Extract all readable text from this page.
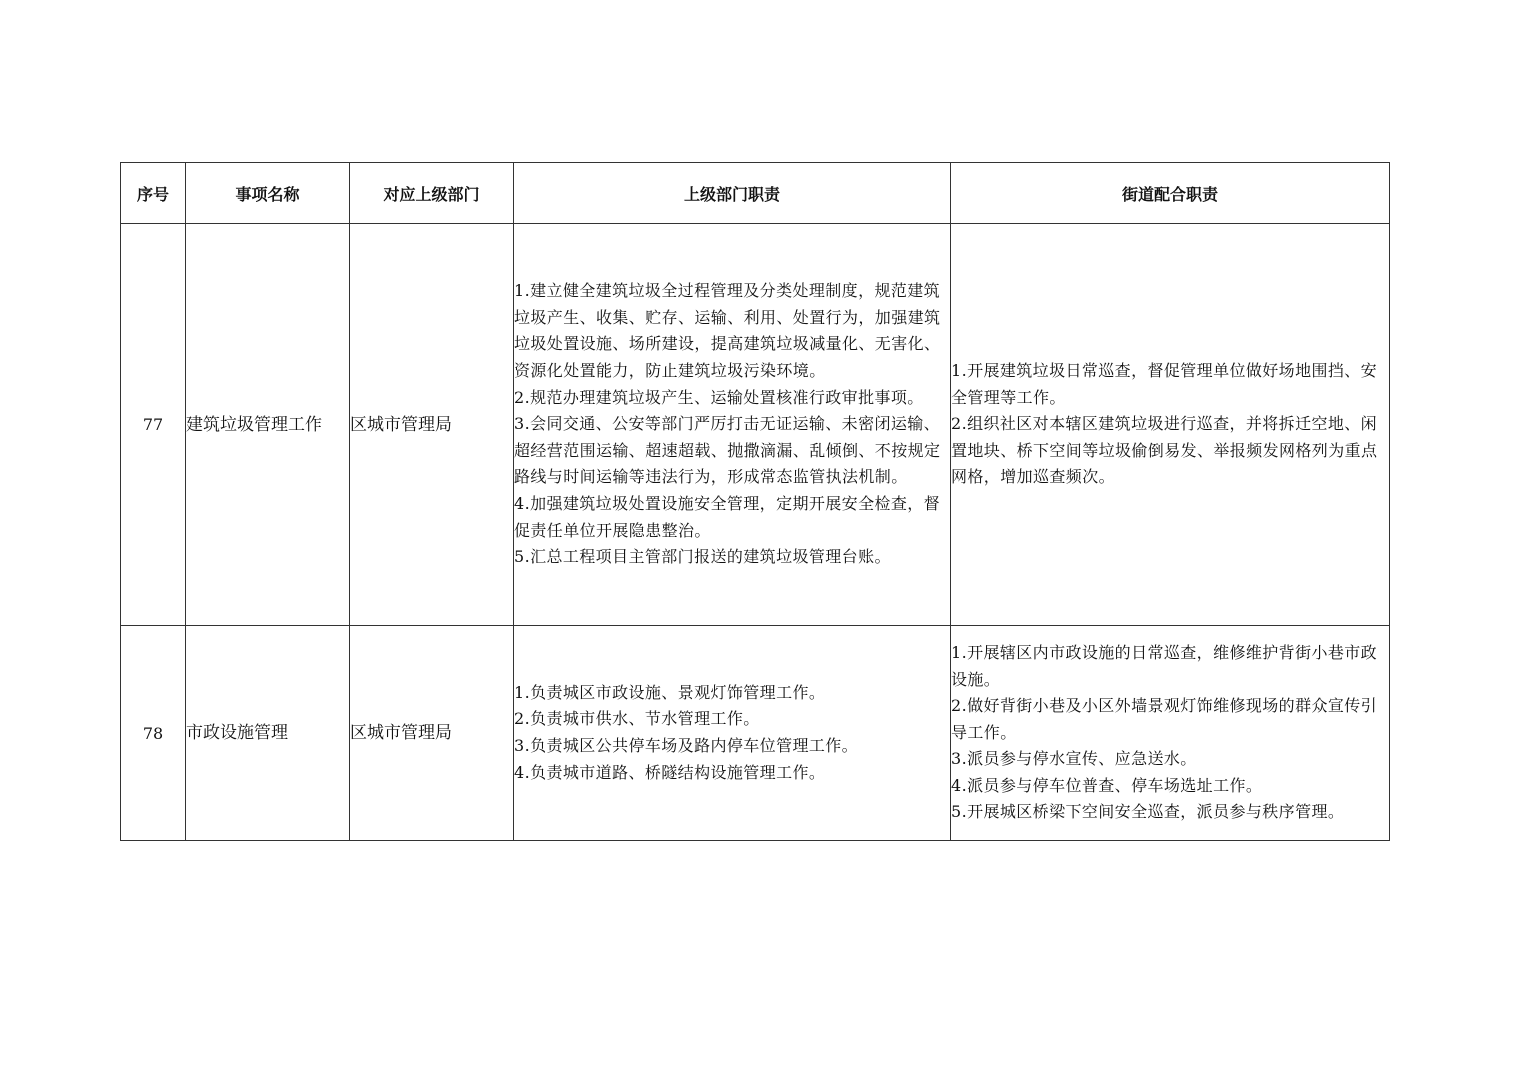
序号	事项名称	对应上级部门	上级部门职责	街道配合职责
77	建筑垃圾管理工作	区城市管理局	1.建立健全建筑垃圾全过程管理及分类处理制度，规范建筑垃圾产生、收集、贮存、运输、利用、处置行为，加强建筑垃圾处置设施、场所建设，提高建筑垃圾减量化、无害化、资源化处置能力，防止建筑垃圾污染环境。
2.规范办理建筑垃圾产生、运输处置核准行政审批事项。
3.会同交通、公安等部门严厉打击无证运输、未密闭运输、超经营范围运输、超速超载、抛撒滴漏、乱倾倒、不按规定路线与时间运输等违法行为，形成常态监管执法机制。
4.加强建筑垃圾处置设施安全管理，定期开展安全检查，督促责任单位开展隐患整治。
5.汇总工程项目主管部门报送的建筑垃圾管理台账。	1.开展建筑垃圾日常巡查，督促管理单位做好场地围挡、安全管理等工作。
2.组织社区对本辖区建筑垃圾进行巡查，并将拆迁空地、闲置地块、桥下空间等垃圾偷倒易发、举报频发网格列为重点网格，增加巡查频次。

78	市政设施管理	区城市管理局	1.负责城区市政设施、景观灯饰管理工作。
2.负责城市供水、节水管理工作。
3.负责城区公共停车场及路内停车位管理工作。
4.负责城市道路、桥隧结构设施管理工作。	1.开展辖区内市政设施的日常巡查，维修维护背街小巷市政设施。
2.做好背街小巷及小区外墙景观灯饰维修现场的群众宣传引导工作。
3.派员参与停水宣传、应急送水。
4.派员参与停车位普查、停车场选址工作。
5.开展城区桥梁下空间安全巡查，派员参与秩序管理。
